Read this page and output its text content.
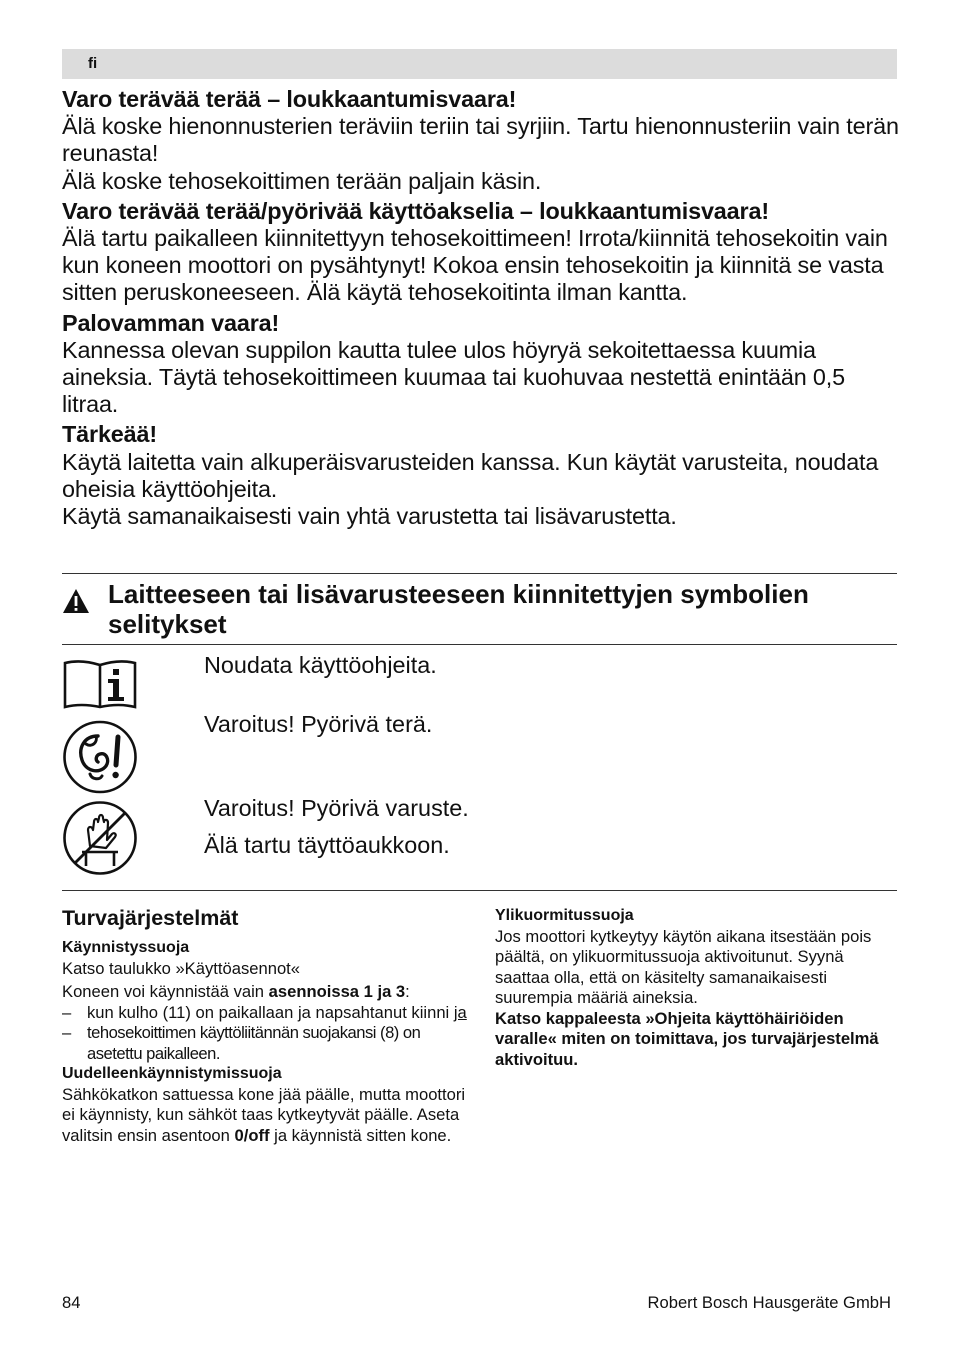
fi

Varo terävää terää – loukkaantumisvaara!

Älä koske hienonnusterien teräviin teriin tai syrjiin. Tartu hienonnusteriin vain terän reunasta!

Älä koske tehosekoittimen terään paljain käsin.

Varo terävää terää/pyörivää käyttöakselia – loukkaantumisvaara!

Älä tartu paikalleen kiinnitettyyn tehosekoittimeen! Irrota/kiinnitä tehosekoitin vain kun koneen moottori on pysähtynyt! Kokoa ensin tehosekoitin ja kiinnitä se vasta sitten peruskoneeseen. Älä käytä tehosekoitinta ilman kantta.

Palovamman vaara!

Kannessa olevan suppilon kautta tulee ulos höyryä sekoitettaessa kuumia aineksia. Täytä tehosekoittimeen kuumaa tai kuohuvaa nestettä enintään 0,5 litraa.

Tärkeää!

Käytä laitetta vain alkuperäisvarusteiden kanssa. Kun käytät varusteita, noudata oheisia käyttöohjeita.

Käytä samanaikaisesti vain yhtä varustetta tai lisävarustetta.

Laitteeseen tai lisävarusteeseen kiinnitettyjen symbolien selitykset
Noudata käyttöohjeita.
Varoitus! Pyörivä terä.
Varoitus! Pyörivä varuste.
Älä tartu täyttöaukkoon.

Turvajärjestelmät

Käynnistyssuoja

Katso taulukko »Käyttöasennot«

Koneen voi käynnistää vain asennoissa 1 ja 3:

– kun kulho (11) on paikallaan ja napsahtanut kiinni ja
– tehosekoittimen käyttöliitännän suojakansi (8) on asetettu paikalleen.

Uudelleenkäynnistymissuoja

Sähkökatkon sattuessa kone jää päälle, mutta moottori ei käynnisty, kun sähköt taas kytkeytyvät päälle. Aseta valitsin ensin asentoon 0/off ja käynnistä sitten kone.

Ylikuormitussuoja

Jos moottori kytkeytyy käytön aikana itsestään pois päältä, on ylikuormitussuoja aktivoitunut. Syynä saattaa olla, että on käsitelty samanaikaisesti suurempia määriä aineksia.

Katso kappaleesta »Ohjeita käyttöhäiriöiden varalle« miten on toimittava, jos turvajärjestelmä aktivoituu.

84	Robert Bosch Hausgeräte GmbH
